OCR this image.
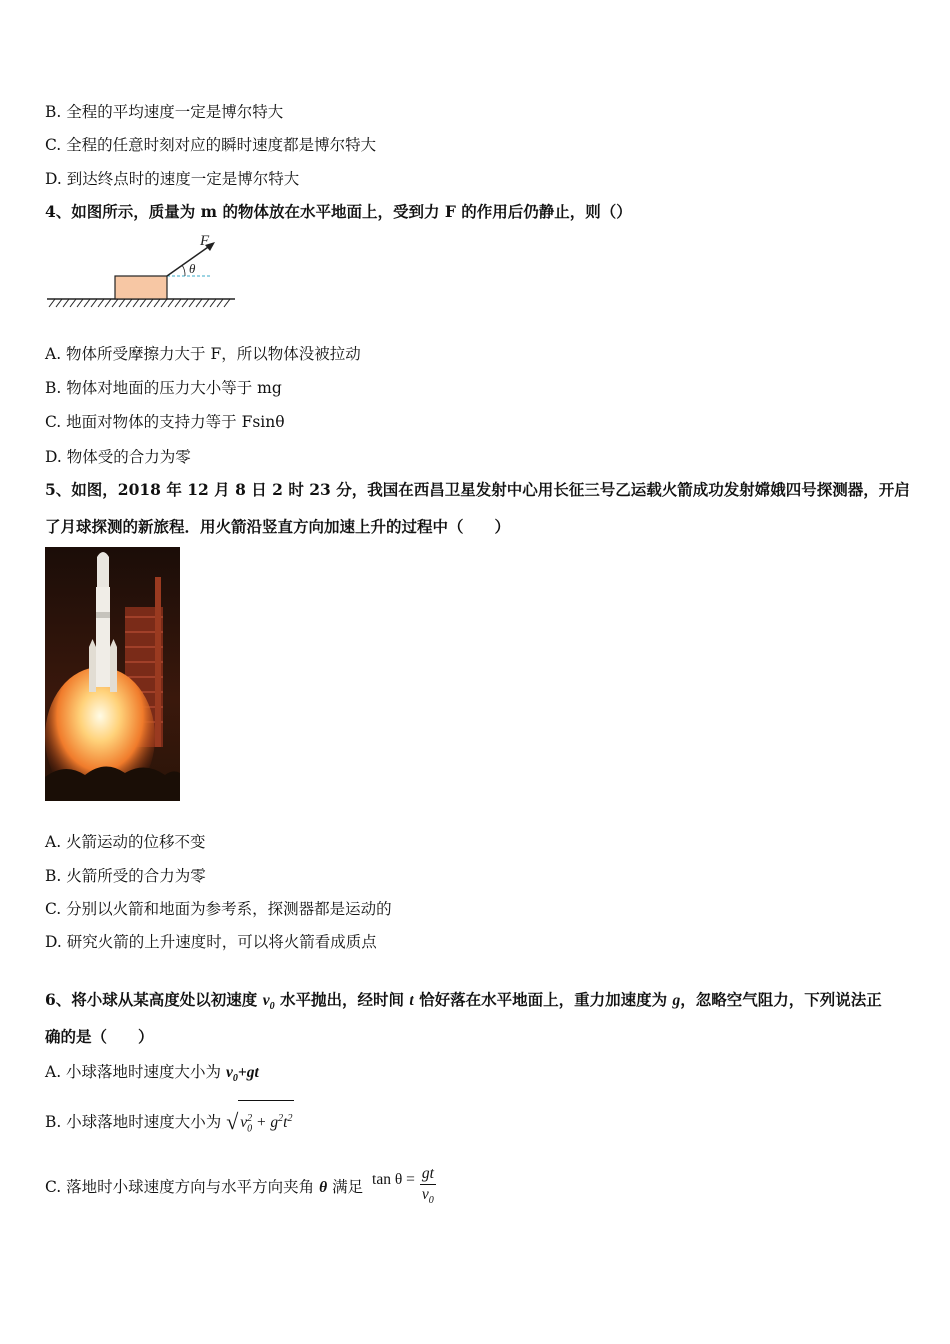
B. 全程的平均速度一定是博尔特大
C. 全程的任意时刻对应的瞬时速度都是博尔特大
D. 到达终点时的速度一定是博尔特大
4、如图所示，质量为 m 的物体放在水平地面上，受到力 F 的作用后仍静止，则（）
F
θ
A. 物体所受摩擦力大于 F，所以物体没被拉动
B. 物体对地面的压力大小等于 mg
C. 地面对物体的支持力等于 Fsinθ
D. 物体受的合力为零
5、如图，2018 年 12 月 8 日 2 时 23 分，我国在西昌卫星发射中心用长征三号乙运载火箭成功发射嫦娥四号探测器，开启
了月球探测的新旅程．用火箭沿竖直方向加速上升的过程中（　　）
A. 火箭运动的位移不变
B. 火箭所受的合力为零
C. 分别以火箭和地面为参考系，探测器都是运动的
D. 研究火箭的上升速度时，可以将火箭看成质点
6、将小球从某高度处以初速度 $v_0$ 水平抛出，经时间 t 恰好落在水平地面上，重力加速度为 g，忽略空气阻力，下列说法正
确的是（　　）
A. 小球落地时速度大小为 $v_0+gt$
B. 小球落地时速度大小为 √ $v_0^2 + g^2t^2$
C. 落地时小球速度方向与水平方向夹角 θ 满足 $\tan \theta = \frac{gt}{v_0}$
